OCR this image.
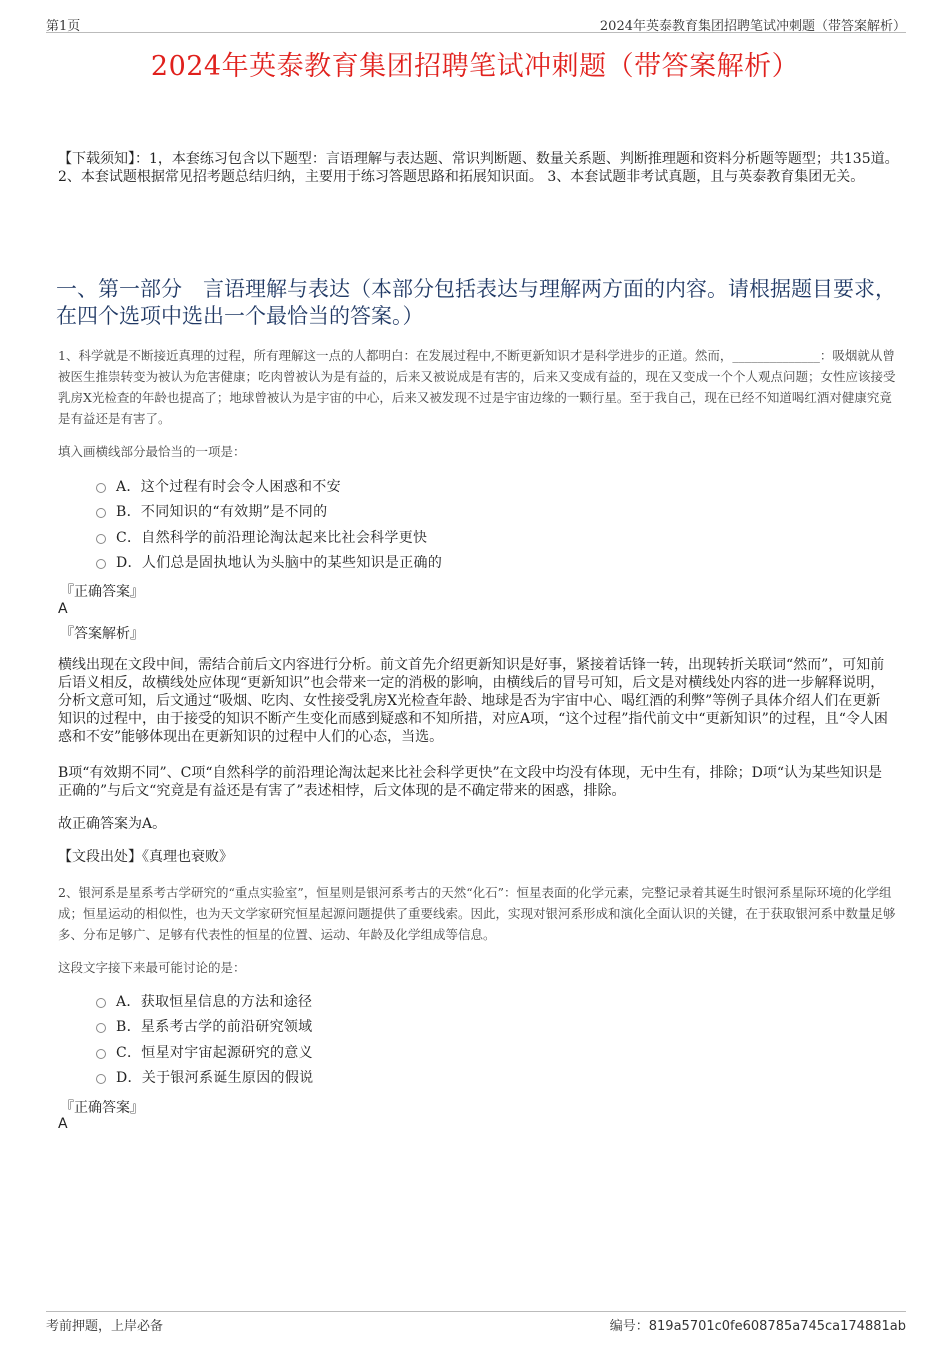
第1页	2024年英泰教育集团招聘笔试冲刺题（带答案解析）
2024年英泰教育集团招聘笔试冲刺题（带答案解析）
【下载须知】：1，本套练习包含以下题型：言语理解与表达题、常识判断题、数量关系题、判断推理题和资料分析题等题型；共135道。 2、本套试题根据常见招考题总结归纳，主要用于练习答题思路和拓展知识面。 3、本套试题非考试真题，且与英泰教育集团无关。
一、第一部分　言语理解与表达（本部分包括表达与理解两方面的内容。请根据题目要求，在四个选项中选出一个最恰当的答案。）
1、科学就是不断接近真理的过程，所有理解这一点的人都明白：在发展过程中,不断更新知识才是科学进步的正道。然而，______________：吸烟就从曾被医生推崇转变为被认为危害健康；吃肉曾被认为是有益的，后来又被说成是有害的，后来又变成有益的，现在又变成一个个人观点问题；女性应该接受乳房X光检查的年龄也提高了；地球曾被认为是宇宙的中心，后来又被发现不过是宇宙边缘的一颗行星。至于我自己，现在已经不知道喝红酒对健康究竟是有益还是有害了。
填入画横线部分最恰当的一项是：
A．这个过程有时会令人困惑和不安
B．不同知识的“有效期”是不同的
C．自然科学的前沿理论淘汰起来比社会科学更快
D．人们总是固执地认为头脑中的某些知识是正确的
『正确答案』
A
『答案解析』
横线出现在文段中间，需结合前后文内容进行分析。前文首先介绍更新知识是好事，紧接着话锋一转，出现转折关联词“然而”，可知前后语义相反，故横线处应体现“更新知识”也会带来一定的消极的影响，由横线后的冒号可知，后文是对横线处内容的进一步解释说明，分析文意可知，后文通过“吸烟、吃肉、女性接受乳房X光检查年龄、地球是否为宇宙中心、喝红酒的利弊”等例子具体介绍人们在更新知识的过程中，由于接受的知识不断产生变化而感到疑惑和不知所措，对应A项，“这个过程”指代前文中“更新知识”的过程，且“令人困惑和不安”能够体现出在更新知识的过程中人们的心态，当选。
B项“有效期不同”、C项“自然科学的前沿理论淘汰起来比社会科学更快”在文段中均没有体现，无中生有，排除；D项“认为某些知识是正确的”与后文“究竟是有益还是有害了”表述相悖，后文体现的是不确定带来的困惑，排除。
故正确答案为A。
【文段出处】《真理也衰败》
2、银河系是星系考古学研究的“重点实验室”，恒星则是银河系考古的天然“化石”：恒星表面的化学元素，完整记录着其诞生时银河系星际环境的化学组成；恒星运动的相似性，也为天文学家研究恒星起源问题提供了重要线索。因此，实现对银河系形成和演化全面认识的关键，在于获取银河系中数量足够多、分布足够广、足够有代表性的恒星的位置、运动、年龄及化学组成等信息。
这段文字接下来最可能讨论的是：
A．获取恒星信息的方法和途径
B．星系考古学的前沿研究领域
C．恒星对宇宙起源研究的意义
D．关于银河系诞生原因的假说
『正确答案』
A
考前押题，上岸必备	编号：819a5701c0fe608785a745ca174881ab
